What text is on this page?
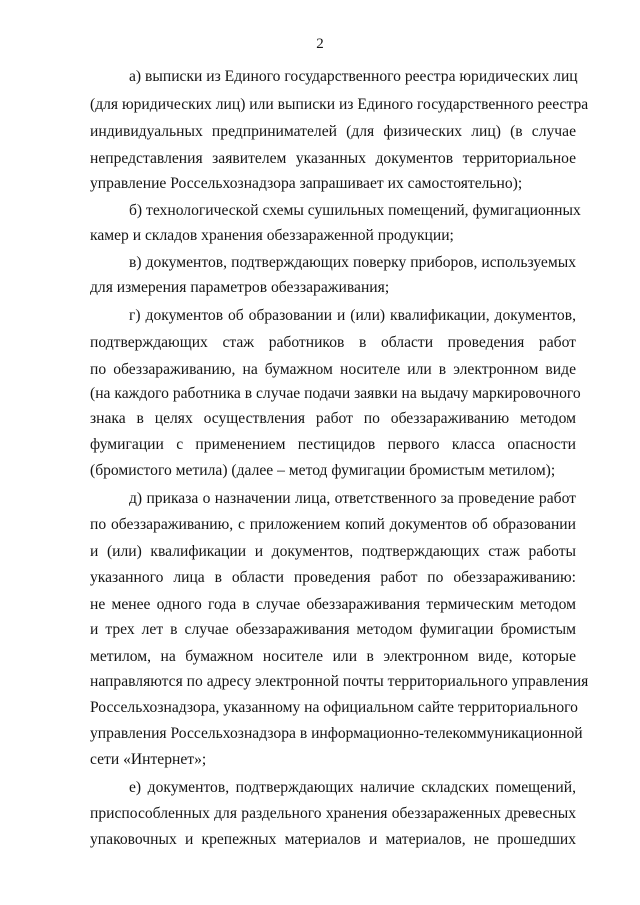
2
а) выписки из Единого государственного реестра юридических лиц
(для юридических лиц) или выписки из Единого государственного реестра
индивидуальных предпринимателей (для физических лиц) (в случае
непредставления заявителем указанных документов территориальное
управление Россельхознадзора запрашивает их самостоятельно);
б) технологической схемы сушильных помещений, фумигационных
камер и складов хранения обеззараженной продукции;
в) документов, подтверждающих поверку приборов, используемых
для измерения параметров обеззараживания;
г) документов об образовании и (или) квалификации, документов,
подтверждающих стаж работников в области проведения работ
по обеззараживанию, на бумажном носителе или в электронном виде
(на каждого работника в случае подачи заявки на выдачу маркировочного
знака в целях осуществления работ по обеззараживанию методом
фумигации с применением пестицидов первого класса опасности
(бромистого метила) (далее – метод фумигации бромистым метилом);
д) приказа о назначении лица, ответственного за проведение работ
по обеззараживанию, с приложением копий документов об образовании
и (или) квалификации и документов, подтверждающих стаж работы
указанного лица в области проведения работ по обеззараживанию:
не менее одного года в случае обеззараживания термическим методом
и трех лет в случае обеззараживания методом фумигации бромистым
метилом, на бумажном носителе или в электронном виде, которые
направляются по адресу электронной почты территориального управления
Россельхознадзора, указанному на официальном сайте территориального
управления Россельхознадзора в информационно-телекоммуникационной
сети «Интернет»;
е) документов, подтверждающих наличие складских помещений,
приспособленных для раздельного хранения обеззараженных древесных
упаковочных и крепежных материалов и материалов, не прошедших
